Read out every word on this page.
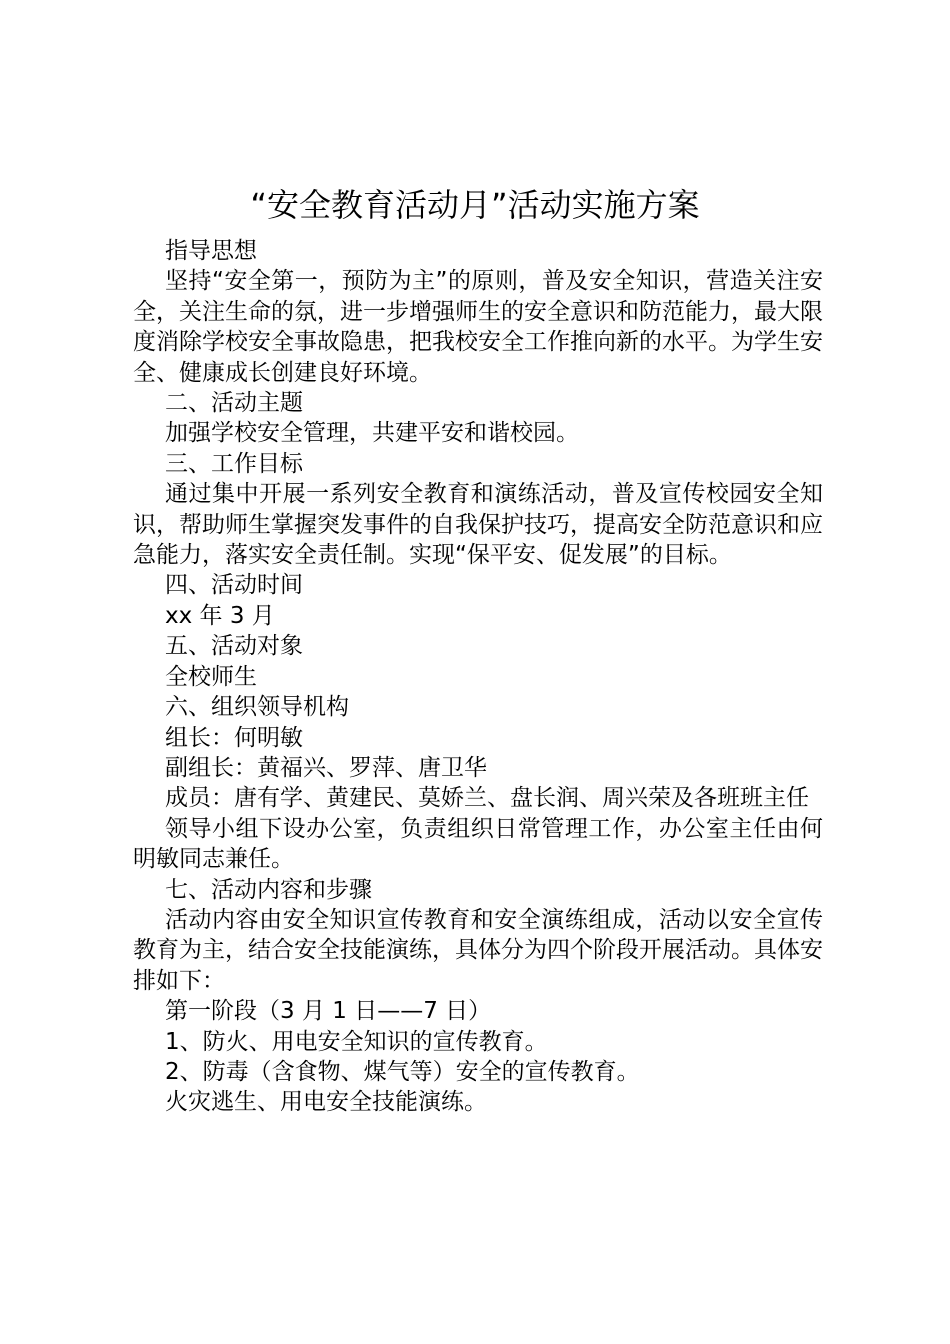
“安全教育活动月”活动实施方案

指导思想

坚持“安全第一，预防为主”的原则，普及安全知识，营造关注安全，关注生命的氛，进一步增强师生的安全意识和防范能力，最大限度消除学校安全事故隐患，把我校安全工作推向新的水平。为学生安全、健康成长创建良好环境。

二、活动主题

加强学校安全管理，共建平安和谐校园。

三、工作目标

通过集中开展一系列安全教育和演练活动，普及宣传校园安全知识，帮助师生掌握突发事件的自我保护技巧，提高安全防范意识和应急能力，落实安全责任制。实现“保平安、促发展”的目标。

四、活动时间

xx 年 3 月

五、活动对象

全校师生

六、组织领导机构

组长：何明敏

副组长：黄福兴、罗萍、唐卫华

成员：唐有学、黄建民、莫娇兰、盘长润、周兴荣及各班班主任

领导小组下设办公室，负责组织日常管理工作，办公室主任由何明敏同志兼任。

七、活动内容和步骤

活动内容由安全知识宣传教育和安全演练组成，活动以安全宣传教育为主，结合安全技能演练，具体分为四个阶段开展活动。具体安排如下：

第一阶段（3 月 1 日——7 日）

1、防火、用电安全知识的宣传教育。

2、防毒（含食物、煤气等）安全的宣传教育。

火灾逃生、用电安全技能演练。
